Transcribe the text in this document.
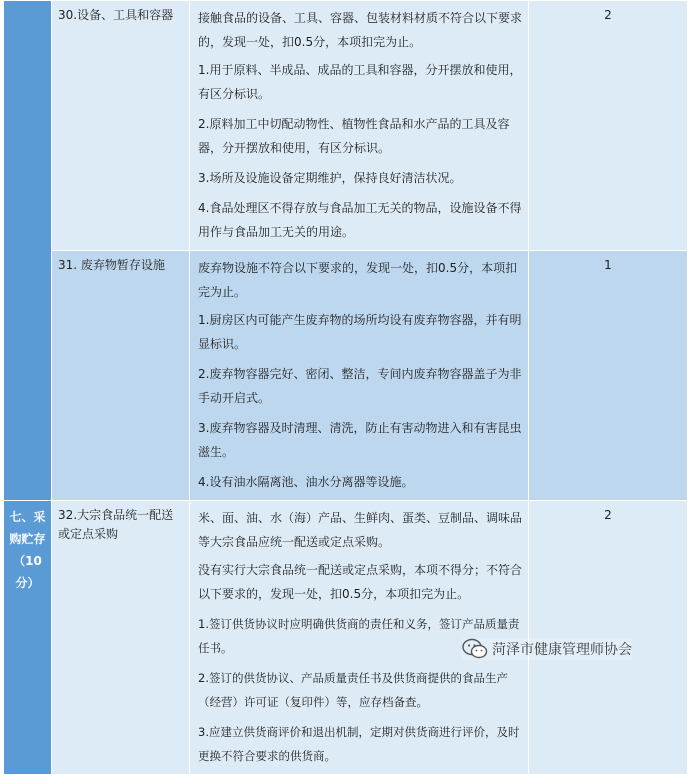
	30.设备、工具和容器	接触食品的设备、工具、容器、包装材料材质不符合以下要求的，发现一处，扣0.5分，本项扣完为止。

1.用于原料、半成品、成品的工具和容器，分开摆放和使用，有区分标识。

2.原料加工中切配动物性、植物性食品和水产品的工具及容器，分开摆放和使用，有区分标识。

3.场所及设施设备定期维护，保持良好清洁状况。

4.食品处理区不得存放与食品加工无关的物品，设施设备不得用作与食品加工无关的用途。	2
	31. 废弃物暂存设施	废弃物设施不符合以下要求的，发现一处，扣0.5分，本项扣完为止。

1.厨房区内可能产生废弃物的场所均设有废弃物容器，并有明显标识。

2.废弃物容器完好、密闭、整洁，专间内废弃物容器盖子为非手动开启式。

3.废弃物容器及时清理、清洗，防止有害动物进入和有害昆虫滋生。

4.设有油水隔离池、油水分离器等设施。	1
七、采购贮存（10分）	32.大宗食品统一配送或定点采购	米、面、油、水（海）产品、生鲜肉、蛋类、豆制品、调味品等大宗食品应统一配送或定点采购。

没有实行大宗食品统一配送或定点采购，本项不得分；不符合以下要求的，发现一处，扣0.5分，本项扣完为止。

1.签订供货协议时应明确供货商的责任和义务，签订产品质量责任书。

2.签订的供货协议、产品质量责任书及供货商提供的食品生产（经营）许可证（复印件）等，应存档备查。

3.应建立供货商评价和退出机制，定期对供货商进行评价，及时更换不符合要求的供货商。	2
菏泽市健康管理师协会
